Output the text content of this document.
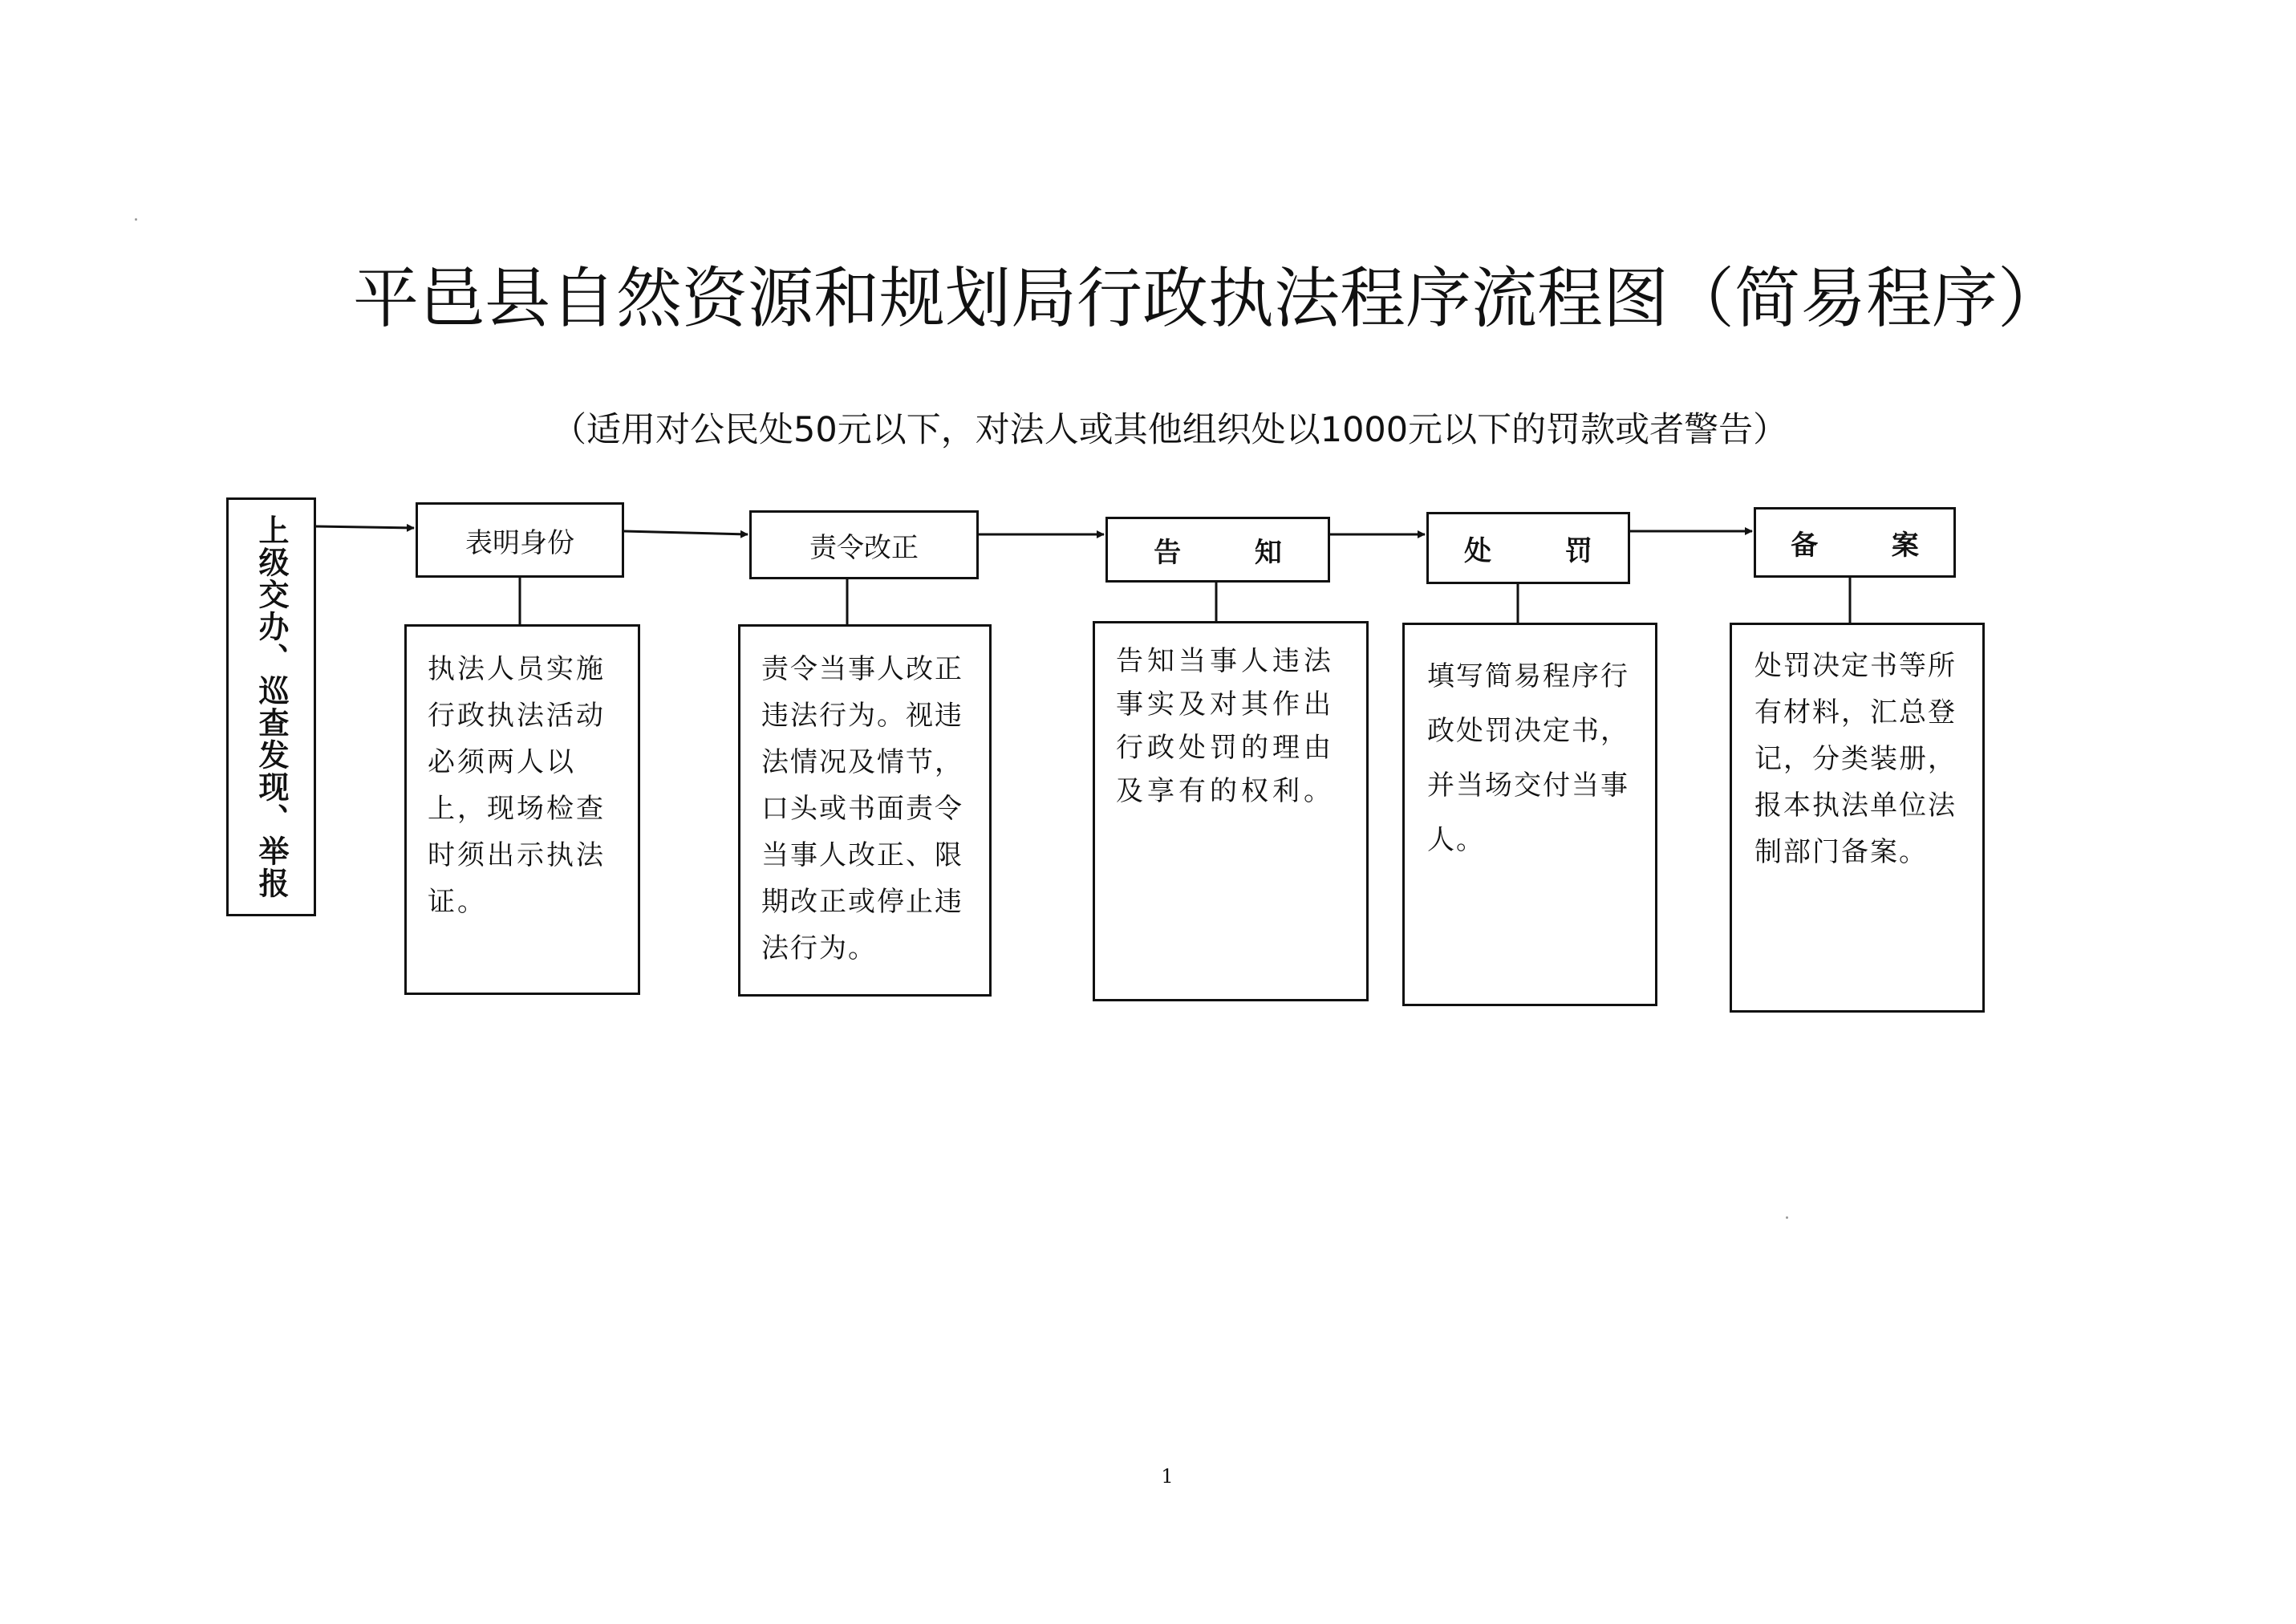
平邑县自然资源和规划局行政执法程序流程图（简易程序）
（适用对公民处50元以下，对法人或其他组织处以1000元以下的罚款或者警告）
上级交办、巡查发现、举报	表明身份	责令改正	告 知	处 罚	备 案
执法人员实施行政执法活动必须两人以上，现场检查时须出示执法证。
责令当事人改正违法行为。视违法情况及情节，口头或书面责令当事人改正、限期改正或停止违法行为。
告知当事人违法事实及对其作出行政处罚的理由及享有的权利。
填写简易程序行政处罚决定书，并当场交付当事人。
处罚决定书等所有材料，汇总登记，分类装册，报本执法单位法制部门备案。
1
